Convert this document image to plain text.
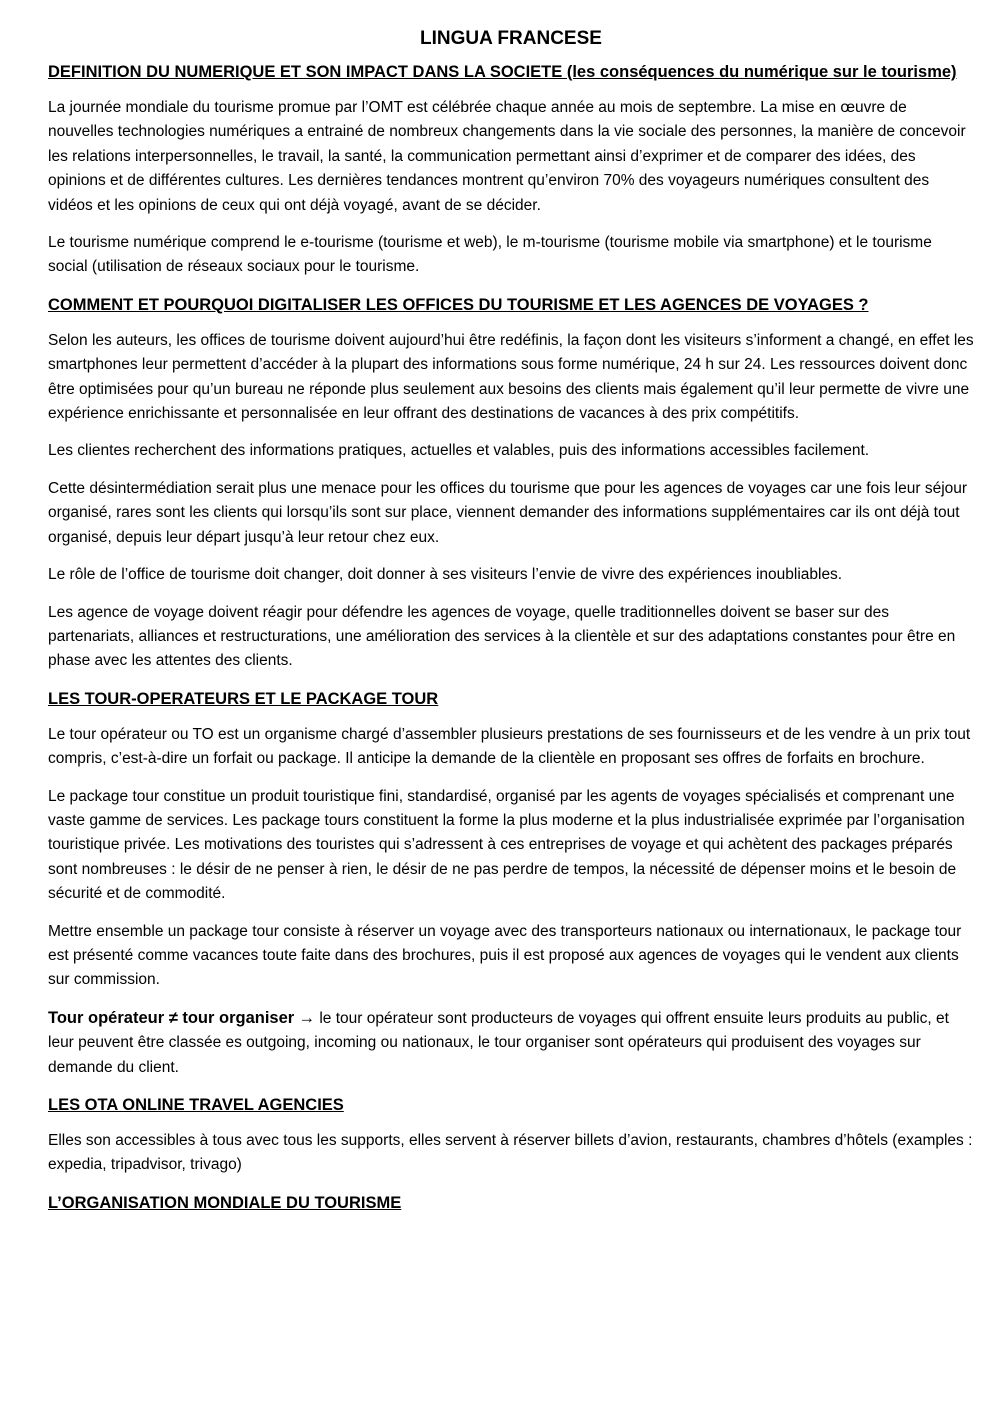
LINGUA FRANCESE
DEFINITION DU NUMERIQUE ET SON IMPACT DANS LA SOCIETE (les conséquences du numérique sur le tourisme)

La journée mondiale du tourisme promue par l’OMT est célébrée chaque année au mois de septembre. La mise en œuvre de nouvelles technologies numériques a entrainé de nombreux changements dans la vie sociale des personnes, la manière de concevoir les relations interpersonnelles, le travail, la santé, la communication permettant ainsi d’exprimer et de comparer des idées, des opinions et de différentes cultures. Les dernières tendances montrent qu’environ 70% des voyageurs numériques consultent des vidéos et les opinions de ceux qui ont déjà voyagé, avant de se décider.

Le tourisme numérique comprend le e-tourisme (tourisme et web), le m-tourisme (tourisme mobile via smartphone) et le tourisme social (utilisation de réseaux sociaux pour le tourisme.

COMMENT ET POURQUOI DIGITALISER LES OFFICES DU TOURISME ET LES AGENCES DE VOYAGES ?

Selon les auteurs, les offices de tourisme doivent aujourd’hui être redéfinis, la façon dont les visiteurs s’informent a changé, en effet les smartphones leur permettent d’accéder à la plupart des informations sous forme numérique, 24 h sur 24. Les ressources doivent donc être optimisées pour qu’un bureau ne réponde plus seulement aux besoins des clients mais également qu’il leur permette de vivre une expérience enrichissante et personnalisée en leur offrant des destinations de vacances à des prix compétitifs.

Les clientes recherchent des informations pratiques, actuelles et valables, puis des informations accessibles facilement.

Cette désintermédiation serait plus une menace pour les offices du tourisme que pour les agences de voyages car une fois leur séjour organisé, rares sont les clients qui lorsqu’ils sont sur place, viennent demander des informations supplémentaires car ils ont déjà tout organisé, depuis leur départ jusqu’à leur retour chez eux.

Le rôle de l’office de tourisme doit changer, doit donner à ses visiteurs l’envie de vivre des expériences inoubliables.

Les agence de voyage doivent réagir pour défendre les agences de voyage, quelle traditionnelles doivent se baser sur des partenariats, alliances et restructurations, une amélioration des services à la clientèle et sur des adaptations constantes pour être en phase avec les attentes des clients.

LES TOUR-OPERATEURS ET LE PACKAGE TOUR

Le tour opérateur ou TO est un organisme chargé d’assembler plusieurs prestations de ses fournisseurs et de les vendre à un prix tout compris, c’est-à-dire un forfait ou package. Il anticipe la demande de la clientèle en proposant ses offres de forfaits en brochure.

Le package tour constitue un produit touristique fini, standardisé, organisé par les agents de voyages spécialisés et comprenant une vaste gamme de services. Les package tours constituent la forme la plus moderne et la plus industrialisée exprimée par l’organisation touristique privée. Les motivations des touristes qui s’adressent à ces entreprises de voyage et qui achètent des packages préparés sont nombreuses : le désir de ne penser à rien, le désir de ne pas perdre de tempos, la nécessité de dépenser moins et le besoin de sécurité et de commodité.

Mettre ensemble un package tour consiste à réserver un voyage avec des transporteurs nationaux ou internationaux, le package tour est présenté comme vacances toute faite dans des brochures, puis il est proposé aux agences de voyages qui le vendent aux clients sur commission.

Tour opérateur ≠ tour organiser → le tour opérateur sont producteurs de voyages qui offrent ensuite leurs produits au public, et leur peuvent être classée es outgoing, incoming ou nationaux, le tour organiser sont opérateurs qui produisent des voyages sur demande du client.

LES OTA ONLINE TRAVEL AGENCIES

Elles son accessibles à tous avec tous les supports, elles servent à réserver billets d’avion, restaurants, chambres d’hôtels (examples : expedia, tripadvisor, trivago)

L’ORGANISATION MONDIALE DU TOURISME
